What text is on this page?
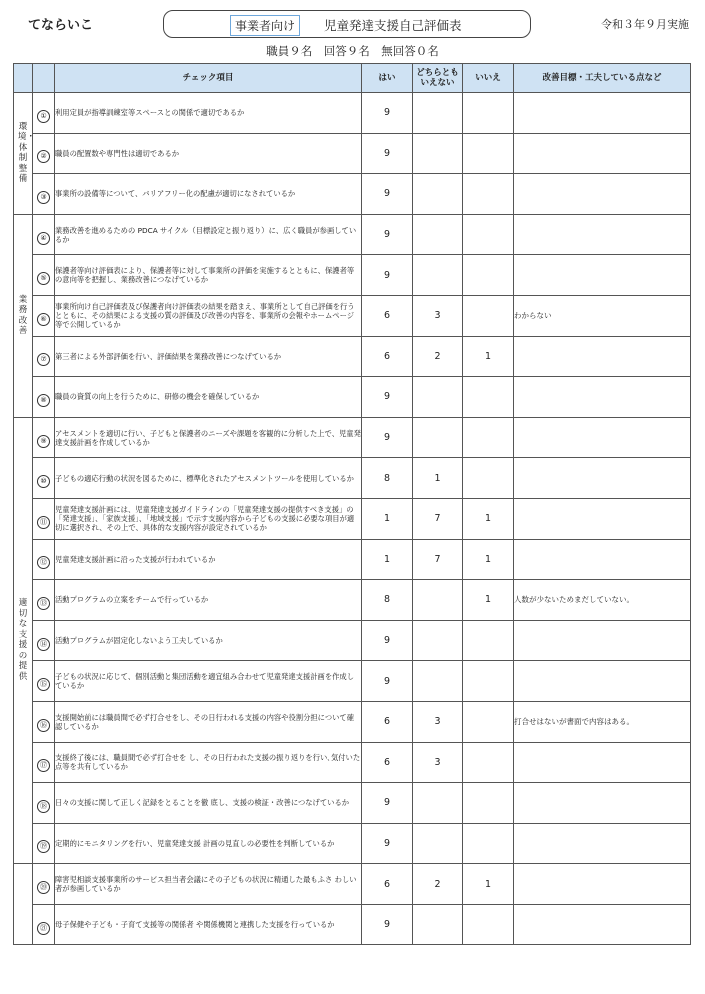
てならいこ	事業者向け	児童発達支援自己評価表	令和３年９月実施
職員９名　回答９名　無回答０名
		チェック項目	はい	どちらとも
いえない	いいえ	改善目標・工夫している点など
環境・体制整備	①	利用定員が指導訓練室等スペースとの関係で適切であるか	9			
	②	職員の配置数や専門性は適切であるか	9			
	③	事業所の設備等について、バリアフリー化の配慮が適切になされているか	9			
業務改善	④	業務改善を進めるための PDCA サイクル（目標設定と振り返り）に、広く職員が参画しているか	9			
	⑤	保護者等向け評価表により、保護者等に対して事業所の評価を実施するとともに、保護者等の意向等を把握し、業務改善につなげているか	9			
	⑥	事業所向け自己評価表及び保護者向け評価表の結果を踏まえ、事業所として自己評価を行うとともに、その結果による支援の質の評価及び改善の内容を、事業所の会報やホームページ等で公開しているか	6	3		わからない
	⑦	第三者による外部評価を行い、評価結果を業務改善につなげているか	6	2	1	
	⑧	職員の資質の向上を行うために、研修の機会を確保しているか	9			
適切な支援の提供	⑨	アセスメントを適切に行い、子どもと保護者のニーズや課題を客観的に分析した上で、児童発達支援計画を作成しているか	9			
	⑩	子どもの適応行動の状況を図るために、標準化されたアセスメントツールを使用しているか	8	1		
	⑪	児童発達支援計画には、児童発達支援ガイドラインの「児童発達支援の提供すべき支援」の「発達支援」、「家族支援」、「地域支援」で示す支援内容から子どもの支援に必要な項目が適切に選択され、その上で、具体的な支援内容が設定されているか	1	7	1	
	⑫	児童発達支援計画に沿った支援が行われているか	1	7	1	
	⑬	活動プログラムの立案をチームで行っているか	8		1	人数が少ないためまだしていない。
	⑭	活動プログラムが固定化しないよう工夫しているか	9			
	⑮	子どもの状況に応じて、個別活動と集団活動を適宜組み合わせて児童発達支援計画を作成しているか	9			
	⑯	支援開始前には職員間で必ず打合せをし、その日行われる支援の内容や役割分担について確認しているか	6	3		打合せはないが書面で内容はある。
	⑰	支援終了後には、職員間で必ず打合せを し、その日行われた支援の振り返りを行い､気付いた点等を共有しているか	6	3		
	⑱	日々の支援に関して正しく記録をとることを徹 底し、支援の検証・改善につなげているか	9			
	⑲	定期的にモニタリングを行い、児童発達支援 計画の見直しの必要性を判断しているか	9			
	⑳	障害児相談支援事業所のサービス担当者会議にその子どもの状況に精通した最もふさ わしい者が参画しているか	6	2	1	
	㉑	母子保健や子ども・子育て支援等の関係者 や関係機関と連携した支援を行っているか	9			
